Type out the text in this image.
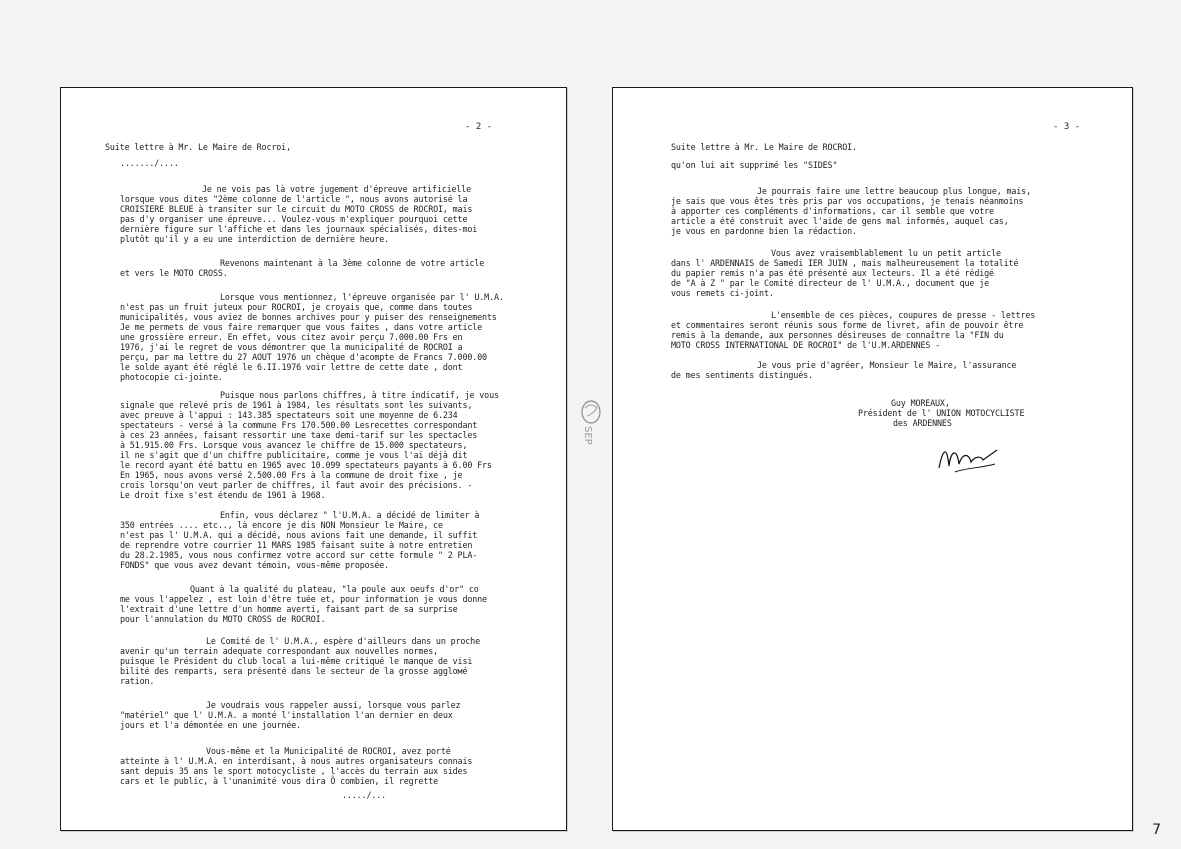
- 2 -
Suite lettre à Mr. Le Maire de Rocroi,
......./....
Je ne vois pas là votre jugement d'épreuve artificielle
lorsque vous dites "2ème colonne de l'article ", nous avons autorisé la
CROISIERE BLEUE à transiter sur le circuit du MOTO CROSS de ROCROI, mais
pas d'y organiser une épreuve... Voulez-vous m'expliquer pourquoi cette
dernière figure sur l'affiche et dans les journaux spécialisés, dites-moi
plutôt qu'il y a eu une interdiction de dernière heure.
Revenons maintenant à la 3ème colonne de votre article
et vers le MOTO CROSS.
Lorsque vous mentionnez, l'épreuve organisée par l' U.M.A.
n'est pas un fruit juteux pour ROCROI, je croyais que, comme dans toutes
municipalités, vous aviez de bonnes archives pour y puiser des renseignements
Je me permets de vous faire remarquer que vous faites , dans votre article
une grossière erreur. En effet, vous citez avoir perçu 7.000.00 Frs en
1976, j'ai le regret de vous démontrer que la municipalité de ROCROI a
perçu, par ma lettre du 27 AOUT 1976 un chèque d'acompte de Francs 7.000.00
le solde ayant été réglé le 6.II.1976 voir lettre de cette date , dont
photocopie ci-jointe.
Puisque nous parlons chiffres, à titre indicatif, je vous
signale que relevé pris de 1961 à 1984, les résultats sont les suivants,
avec preuve à l'appui : 143.385 spectateurs soit une moyenne de 6.234
spectateurs - versé à la commune Frs 170.500.00 Lesrecettes correspondant
à ces 23 années, faisant ressortir une taxe demi-tarif sur les spectacles
à 51.915.00 Frs. Lorsque vous avancez le chiffre de 15.000 spectateurs,
il ne s'agit que d'un chiffre publicitaire, comme je vous l'ai déjà dit
le record ayant été battu en 1965 avec 10.099 spectateurs payants à 6.00 Frs
En 1965, nous avons versé 2.500.00 Frs à la commune de droit fixe , je
crois lorsqu'on veut parler de chiffres, il faut avoir des précisions. -
Le droit fixe s'est étendu de 1961 à 1968.
Enfin, vous déclarez " l'U.M.A. a décidé de limiter à
350 entrées .... etc.., là encore je dis NON Monsieur le Maire, ce
n'est pas l' U.M.A. qui a décidé, nous avions fait une demande, il suffit
de reprendre votre courrier 11 MARS 1985 faisant suite à notre entretien
du 28.2.1985, vous nous confirmez votre accord sur cette formule " 2 PLA-
FONDS" que vous avez devant témoin, vous-même proposée.
Quant à la qualité du plateau, "la poule aux oeufs d'or" co
me vous l'appelez , est loin d'être tuée et, pour information je vous donne
l'extrait d'une lettre d'un homme averti, faisant part de sa surprise
pour l'annulation du MOTO CROSS de ROCROI.
Le Comité de l' U.M.A., espère d'ailleurs dans un proche
avenir qu'un terrain adequate correspondant aux nouvelles normes,
puisque le Président du club local a lui-même critiqué le manque de visi
bilité des remparts, sera présenté dans le secteur de la grosse aggloмé
ration.
Je voudrais vous rappeler aussi, lorsque vous parlez
"matériel" que l' U.M.A. a monté l'installation l'an dernier en deux
jours et l'a démontée en une journée.
Vous-même et la Municipalité de ROCROI, avez porté
atteinte à l' U.M.A. en interdisant, à nous autres organisateurs connais
sant depuis 35 ans le sport motocycliste , l'accès du terrain aux sides
cars et le public, à l'unanimité vous dira Ô combien, il regrette
...../...
- 3 -
Suite lettre à Mr. Le Maire de ROCROI.
qu'on lui ait supprimé les "SIDES"
Je pourrais faire une lettre beaucoup plus longue, mais,
je sais que vous êtes très pris par vos occupations, je tenais néanmoins
à apporter ces compléments d'informations, car il semble que votre
article a été construit avec l'aide de gens mal informés, auquel cas,
je vous en pardonne bien la rédaction.
Vous avez vraisemblablement lu un petit article
dans l' ARDENNAIS de Samedi IER JUIN , mais malheureusement la totalité
du papier remis n'a pas été présenté aux lecteurs. Il a été rédigé
de "A à Z " par le Comité directeur de l' U.M.A., document que je
vous remets ci-joint.
L'ensemble de ces pièces, coupures de presse - lettres
et commentaires seront réunis sous forme de livret, afin de pouvoir être
remis à la demande, aux personnes désireuses de connaître la "FIN du
MOTO CROSS INTERNATIONAL DE ROCROI" de l'U.M.ARDENNES -
Je vous prie d'agréer, Monsieur le Maire, l'assurance
de mes sentiments distingués.
Guy MOREAUX,
Président de l' UNION MOTOCYCLISTE
des ARDENNES
SEP
7
